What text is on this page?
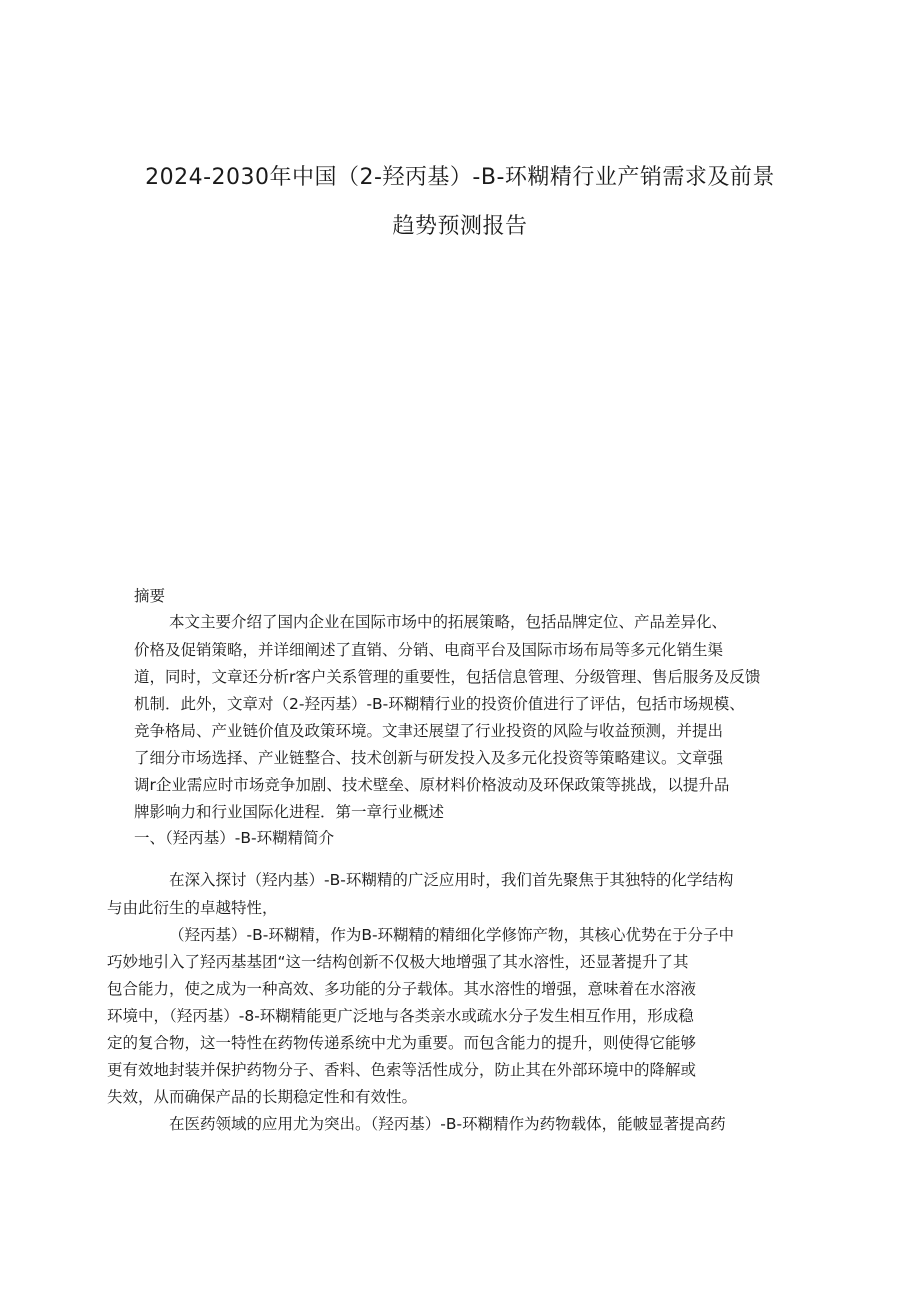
2024-2030年中国（2-羟丙基）-B-环糊精行业产销需求及前景
趋势预测报告
摘要
本文主要介绍了国内企业在国际市场中的拓展策略，包括品牌定位、产品差异化、
价格及促销策略，并详细阐述了直销、分销、电商平台及国际市场布局等多元化销生渠
道，同时，文章还分析r客户关系管理的重要性，包括信息管理、分级管理、售后服务及反馈
机制．此外，文章对（2-羟丙基）-B-环糊精行业的投资价值进行了评估，包括市场规模、
竞争格局、产业链价值及政策环境。文聿还展望了行业投资的风险与收益预测，并提出
了细分市场选择、产业链整合、技术创新与研发投入及多元化投资等策略建议。文章强
调r企业需应时市场竞争加剧、技术壁垒、原材料价格波动及环保政策等挑战，以提升品
牌影响力和行业国际化进程．第一章行业概述
一、（羟丙基）-B-环糊精简介
在深入探讨（羟内基）-B-环糊精的广泛应用时，我们首先聚焦于其独特的化学结构
与由此衍生的卓越特性，
（羟丙基）-B-环糊精，作为B-环糊精的精细化学修饰产物，其核心优势在于分子中
巧妙地引入了羟丙基基团“这一结构创新不仅极大地增强了其水溶性，还显著提升了其
包合能力，使之成为一种高效、多功能的分子载体。其水溶性的增强，意味着在水溶液
环境中，（羟丙基）-8-环糊精能更广泛地与各类亲水或疏水分子发生相互作用，形成稳
定的复合物，这一特性在药物传递系统中尤为重要。而包含能力的提升，则使得它能够
更有效地封装并保护药物分子、香料、色索等活性成分，防止其在外部环境中的降解或
失效，从而确保产品的长期稳定性和有效性。
在医药领域的应用尤为突出。（羟丙基）-B-环糊精作为药物载体，能帔显著提高药
